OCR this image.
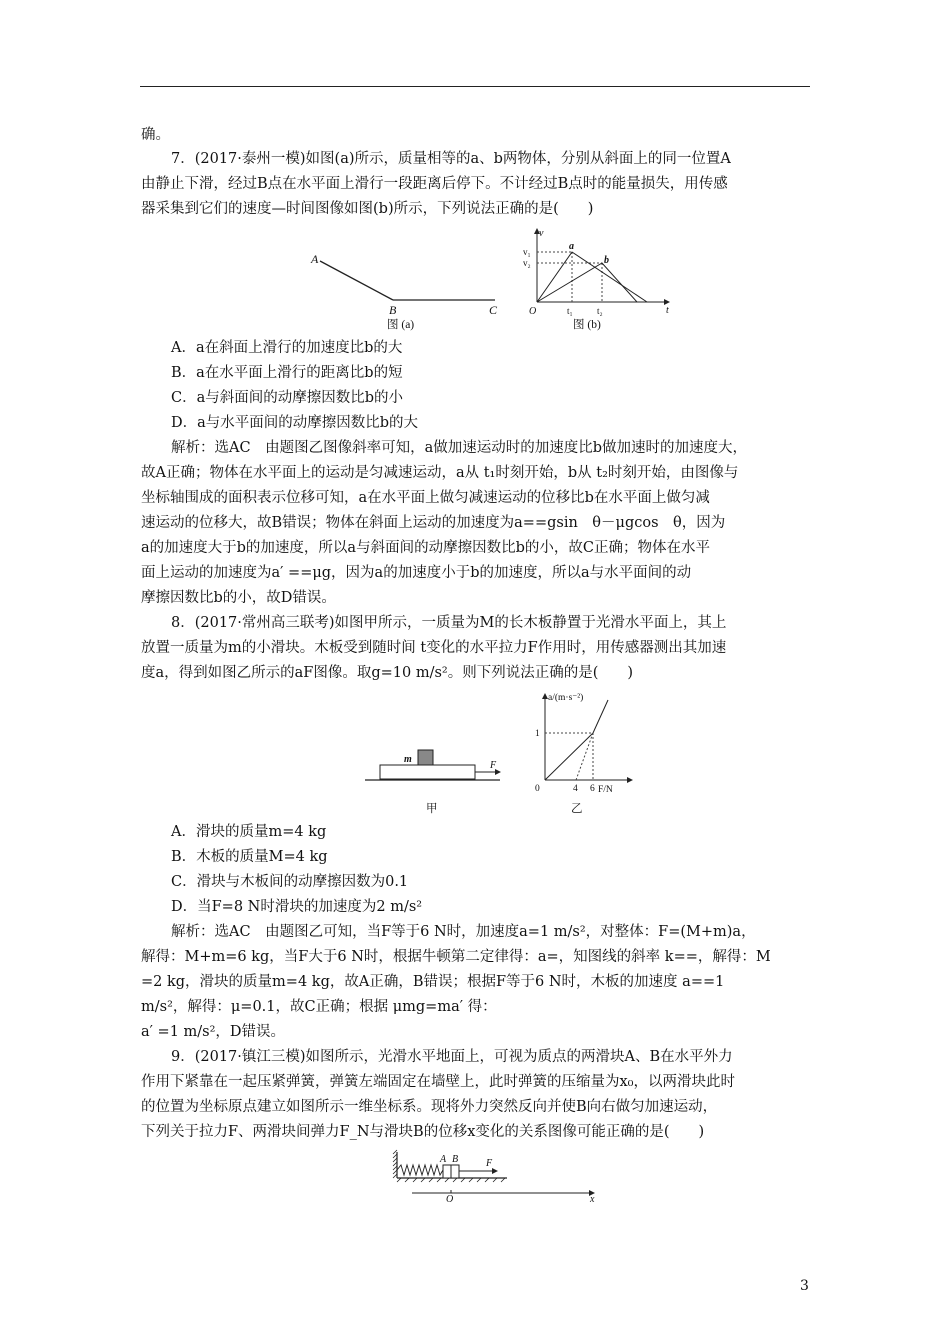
确。
7．(2017·泰州一模)如图(a)所示，质量相等的a、b两物体，分别从斜面上的同一位置A
由静止下滑，经过B点在水平面上滑行一段距离后停下。不计经过B点时的能量损失，用传感
器采集到它们的速度—时间图像如图(b)所示，下列说法正确的是(　　)
A．a在斜面上滑行的加速度比b的大
B．a在水平面上滑行的距离比b的短
C．a与斜面间的动摩擦因数比b的小
D．a与水平面间的动摩擦因数比b的大
解析：选AC　由题图乙图像斜率可知，a做加速运动时的加速度比b做加速时的加速度大，
故A正确；物体在水平面上的运动是匀减速运动，a从 t₁时刻开始，b从 t₂时刻开始，由图像与
坐标轴围成的面积表示位移可知，a在水平面上做匀减速运动的位移比b在水平面上做匀减
速运动的位移大，故B错误；物体在斜面上运动的加速度为a==gsin　θ－μgcos　θ，因为
a的加速度大于b的加速度，所以a与斜面间的动摩擦因数比b的小，故C正确；物体在水平
面上运动的加速度为a′ ==μg，因为a的加速度小于b的加速度，所以a与水平面间的动
摩擦因数比b的小，故D错误。
8．(2017·常州高三联考)如图甲所示，一质量为M的长木板静置于光滑水平面上，其上
放置一质量为m的小滑块。木板受到随时间 t变化的水平拉力F作用时，用传感器测出其加速
度a，得到如图乙所示的aF图像。取g=10 m/s²。则下列说法正确的是(　　)
A．滑块的质量m=4 kg
B．木板的质量M=4 kg
C．滑块与木板间的动摩擦因数为0.1
D．当F=8 N时滑块的加速度为2 m/s²
解析：选AC　由题图乙可知，当F等于6 N时，加速度a=1 m/s²，对整体：F=(M+m)a，
解得：M+m=6 kg，当F大于6 N时，根据牛顿第二定律得：a=，知图线的斜率 k==，解得：M
=2 kg，滑块的质量m=4 kg，故A正确，B错误；根据F等于6 N时，木板的加速度 a==1
m/s²，解得：μ=0.1，故C正确；根据 μmg=ma′ 得：
a′ =1 m/s²，D错误。
9．(2017·镇江三模)如图所示，光滑水平地面上，可视为质点的两滑块A、B在水平外力
作用下紧靠在一起压紧弹簧，弹簧左端固定在墙壁上，此时弹簧的压缩量为x₀，以两滑块此时
的位置为坐标原点建立如图所示一维坐标系。现将外力突然反向并使B向右做匀加速运动，
下列关于拉力F、两滑块间弹力F_N与滑块B的位移x变化的关系图像可能正确的是(　　)
A
B	C
图 (a)
v
t
O
v₁
v₂
t₁	t₂
a
b
图 (b)
m
F
甲
a/(m·s⁻²)
F/N
1
0	4 6
乙
A B	F
O	x
3
